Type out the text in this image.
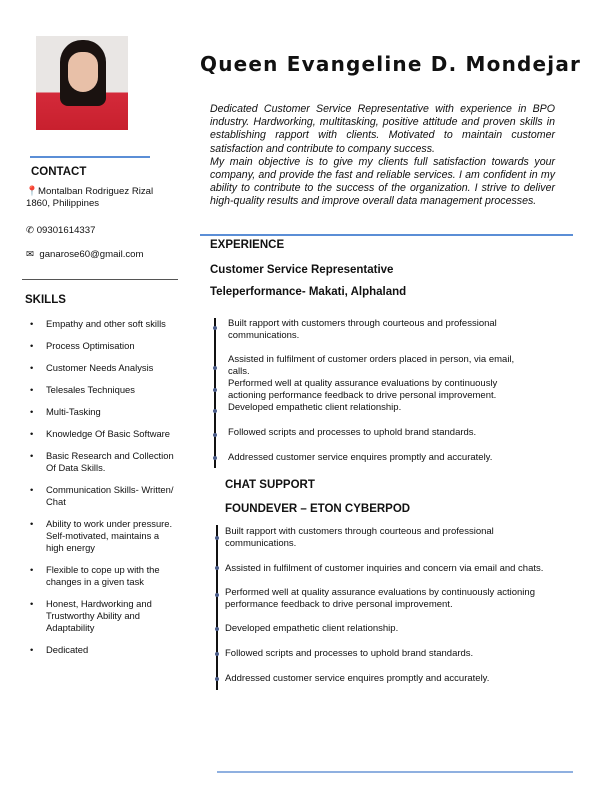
Queen Evangeline D. Mondejar
Dedicated Customer Service Representative with experience in BPO industry. Hardworking, multitasking, positive attitude and proven skills in establishing rapport with clients. Motivated to maintain customer satisfaction and contribute to company success.
My main objective is to give my clients full satisfaction towards your company, and provide the fast and reliable services. I am confident in my ability to contribute to the success of the organization. I strive to deliver high-quality results and improve overall data management processes.
CONTACT
📍Montalban Rodriguez Rizal
1860, Philippines
✆ 09301614337
✉  ganarose60@gmail.com
SKILLS
• Empathy and other soft skills
• Process Optimisation
• Customer Needs Analysis
• Telesales Techniques
• Multi-Tasking
• Knowledge Of Basic Software
• Basic Research and Collection Of Data Skills.
• Communication Skills- Written/ Chat
• Ability to work under pressure. Self-motivated, maintains a high energy
• Flexible to cope up with the changes in a given task
• Honest, Hardworking and Trustworthy Ability and Adaptability
• Dedicated
EXPERIENCE
Customer Service Representative
Teleperformance- Makati, Alphaland
Built rapport with customers through courteous and professional communications.
Assisted in fulfilment of customer orders placed in person, via email, calls.
Performed well at quality assurance evaluations by continuously actioning performance feedback to drive personal improvement.
Developed empathetic client relationship.
Followed scripts and processes to uphold brand standards.
Addressed customer service enquires promptly and accurately.
CHAT SUPPORT
FOUNDEVER – ETON CYBERPOD
Built rapport with customers through courteous and professional communications.
Assisted in fulfilment of customer inquiries and concern via email and chats.
Performed well at quality assurance evaluations by continuously actioning performance feedback to drive personal improvement.
Developed empathetic client relationship.
Followed scripts and processes to uphold brand standards.
Addressed customer service enquires promptly and accurately.
